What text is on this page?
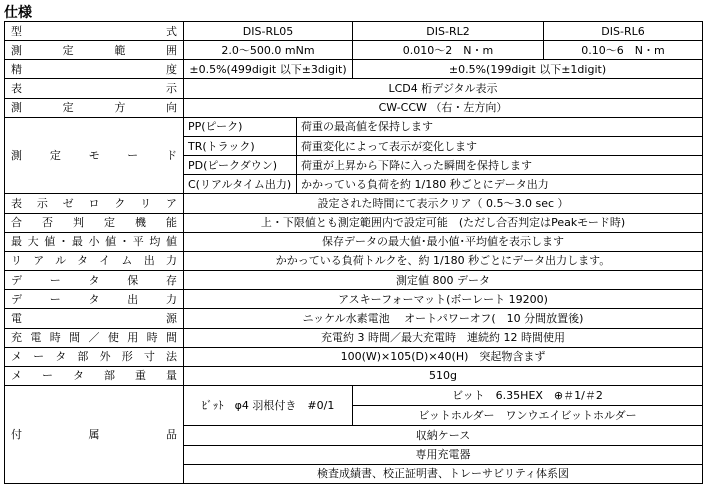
仕様
型式	DIS-RL05		DIS-RL2	DIS-RL6
測定範囲	2.0～500.0 mNm		0.010～2　N・m	0.10～6　N・m
精度	±0.5%(499digit 以下±3digit)		±0.5%(199digit 以下±1digit)	
表示	LCD4 桁デジタル表示			
測定方向	CW-CCW （右・左方向）			
測定モード	PP(ピーク)	荷重の最高値を保持します		
	TR(トラック)	荷重変化によって表示が変化します		
	PD(ピークダウン)	荷重が上昇から下降に入った瞬間を保持します		
	C(リアルタイム出力)	かかっている負荷を約 1/180 秒ごとにデータ出力		
表示ゼロクリア	設定された時間にて表示クリア（ 0.5～3.0 sec ）			
合否判定機能	上・下限値とも測定範囲内で設定可能　(ただし合否判定はPeakモード時)			
最大値･最小値･平均値	保存データの最大値･最小値･平均値を表示します			
リアルタイム出力	かかっている負荷トルクを、約 1/180 秒ごとにデータ出力します。			
データ保存	測定値 800 データ			
データ出力	アスキーフォーマット(ボーレート 19200)			
電源	ニッケル水素電池　 オートパワーオフ(　10 分間放置後)			
充電時間／使用時間	充電約 3 時間／最大充電時　連続約 12 時間使用			
メータ部外形寸法	100(W)×105(D)×40(H)　突起物含まず			
メータ部重量	510g			
付属品	ﾋﾞｯﾄ　φ4 羽根付き　#0/1		ビット　6.35HEX　⊕＃1/＃2	
			ビットホルダー　ワンウエイビットホルダー	
	収納ケース			
	専用充電器			
	検査成績書、校正証明書、トレーサビリティ体系図			
